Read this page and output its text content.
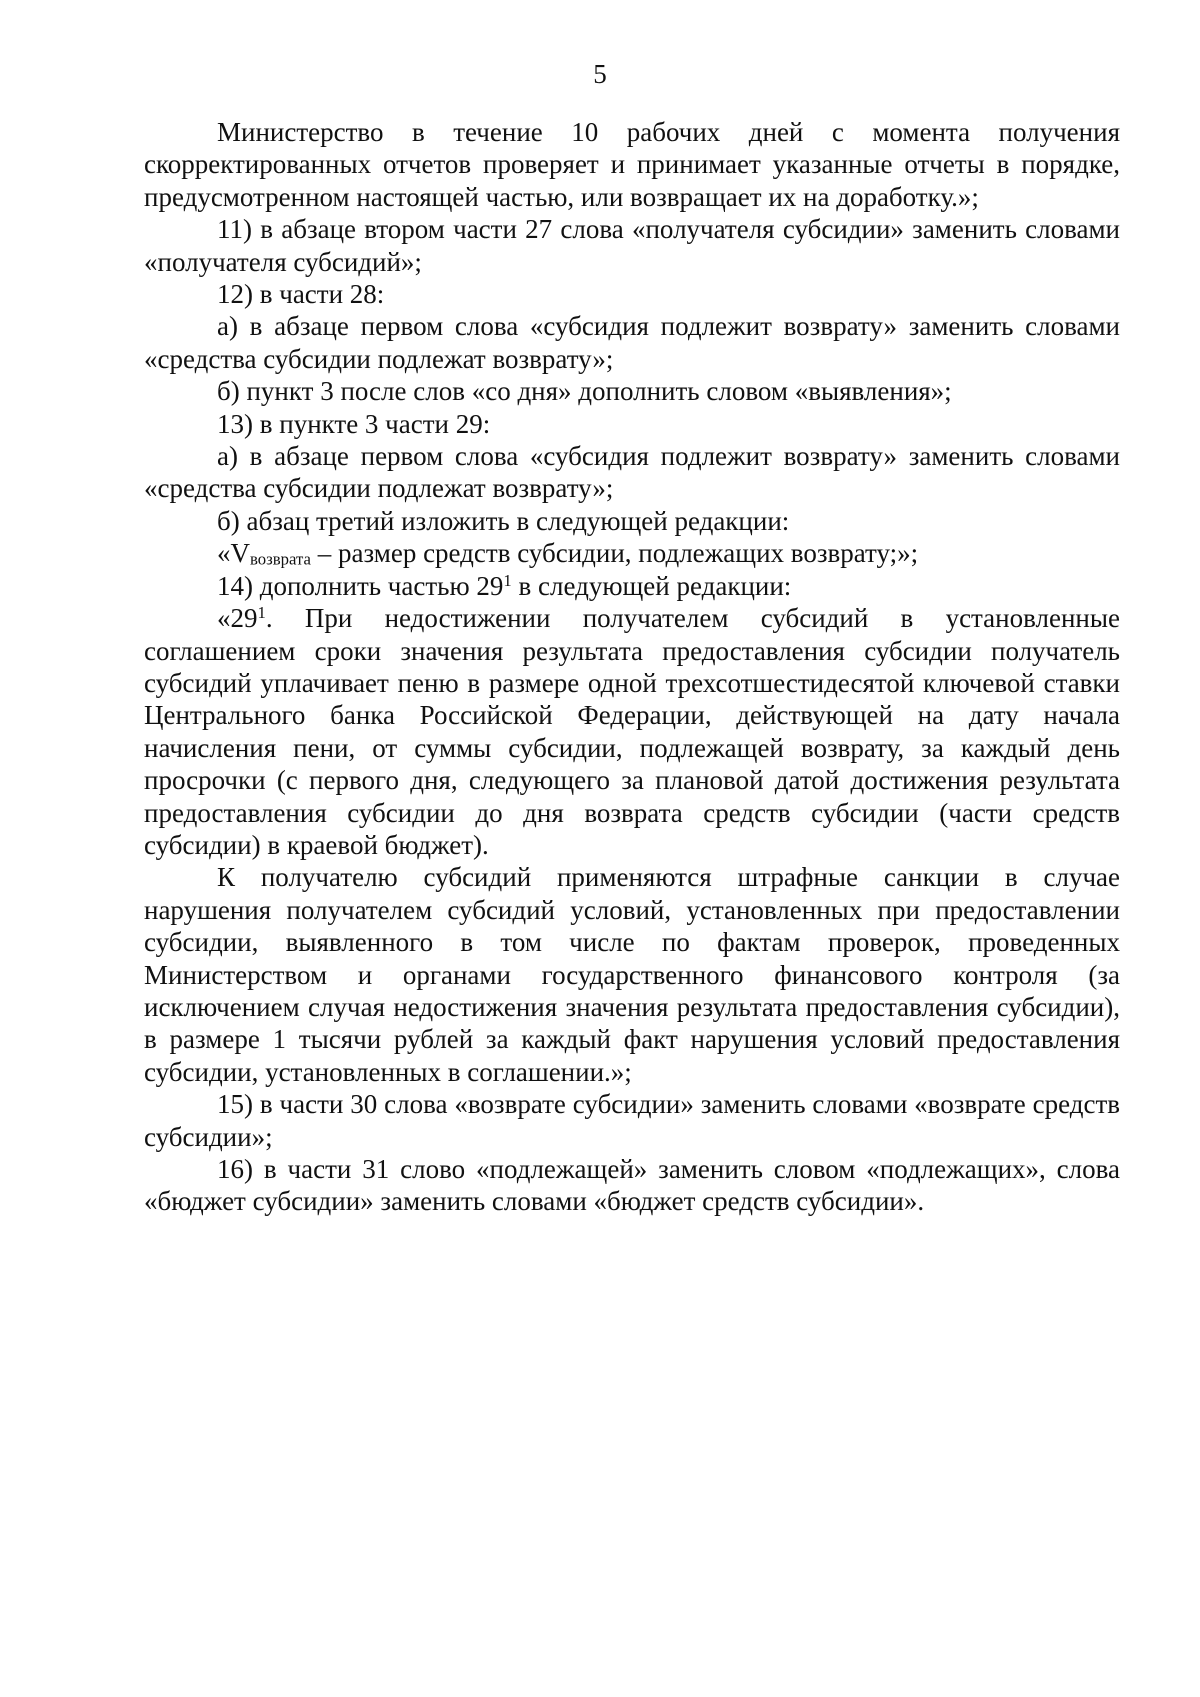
5

Министерство в течение 10 рабочих дней с момента получения скорректированных отчетов проверяет и принимает указанные отчеты в порядке, предусмотренном настоящей частью, или возвращает их на доработку.»;

11) в абзаце втором части 27 слова «получателя субсидии» заменить словами «получателя субсидий»;

12) в части 28:

а) в абзаце первом слова «субсидия подлежит возврату» заменить словами «средства субсидии подлежат возврату»;

б) пункт 3 после слов «со дня» дополнить словом «выявления»;

13) в пункте 3 части 29:

а) в абзаце первом слова «субсидия подлежит возврату» заменить словами «средства субсидии подлежат возврату»;

б) абзац третий изложить в следующей редакции:

«$V_{возврата}$ – размер средств субсидии, подлежащих возврату;»;

14) дополнить частью $29^1$ в следующей редакции:

«$29^1$. При недостижении получателем субсидий в установленные соглашением сроки значения результата предоставления субсидии получатель субсидий уплачивает пеню в размере одной трехсотшестидесятой ключевой ставки Центрального банка Российской Федерации, действующей на дату начала начисления пени, от суммы субсидии, подлежащей возврату, за каждый день просрочки (с первого дня, следующего за плановой датой достижения результата предоставления субсидии до дня возврата средств субсидии (части средств субсидии) в краевой бюджет).

К получателю субсидий применяются штрафные санкции в случае нарушения получателем субсидий условий, установленных при предоставлении субсидии, выявленного в том числе по фактам проверок, проведенных Министерством и органами государственного финансового контроля (за исключением случая недостижения значения результата предоставления субсидии), в размере 1 тысячи рублей за каждый факт нарушения условий предоставления субсидии, установленных в соглашении.»;

15) в части 30 слова «возврате субсидии» заменить словами «возврате средств субсидии»;

16) в части 31 слово «подлежащей» заменить словом «подлежащих», слова «бюджет субсидии» заменить словами «бюджет средств субсидии».
